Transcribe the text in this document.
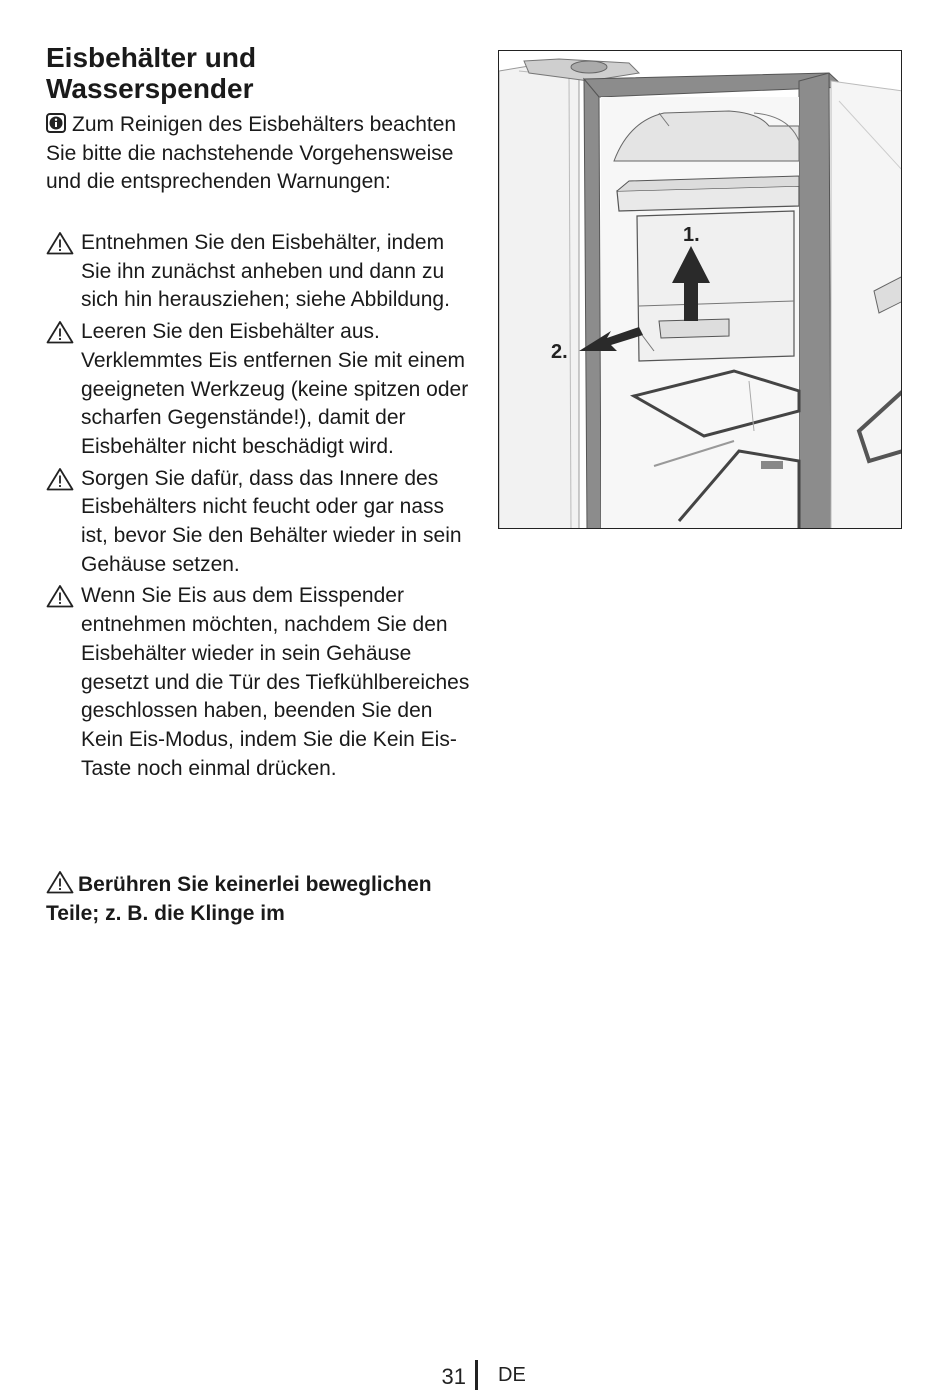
Eisbehälter und
Wasserspender
Zum Reinigen des Eisbehälters beachten Sie bitte die nachstehende Vorgehensweise und die entsprechenden Warnungen:
Entnehmen Sie den Eisbehälter, indem Sie ihn zunächst anheben und dann zu sich hin herausziehen; siehe Abbildung.
Leeren Sie den Eisbehälter aus. Verklemmtes Eis entfernen Sie mit einem geeigneten Werkzeug (keine spitzen oder scharfen Gegenstände!), damit der Eisbehälter nicht beschädigt wird.
Sorgen Sie dafür, dass das Innere des Eisbehälters nicht feucht oder gar nass ist, bevor Sie den Behälter wieder in sein Gehäuse setzen.
Wenn Sie Eis aus dem Eisspender entnehmen möchten, nachdem Sie den Eisbehälter wieder in sein Gehäuse gesetzt und die Tür des Tiefkühlbereiches geschlossen haben, beenden Sie den Kein Eis-Modus, indem Sie die Kein Eis-Taste noch einmal drücken.
Berühren Sie keinerlei beweglichen Teile; z. B. die Klinge im
1.
2.
31 DE
